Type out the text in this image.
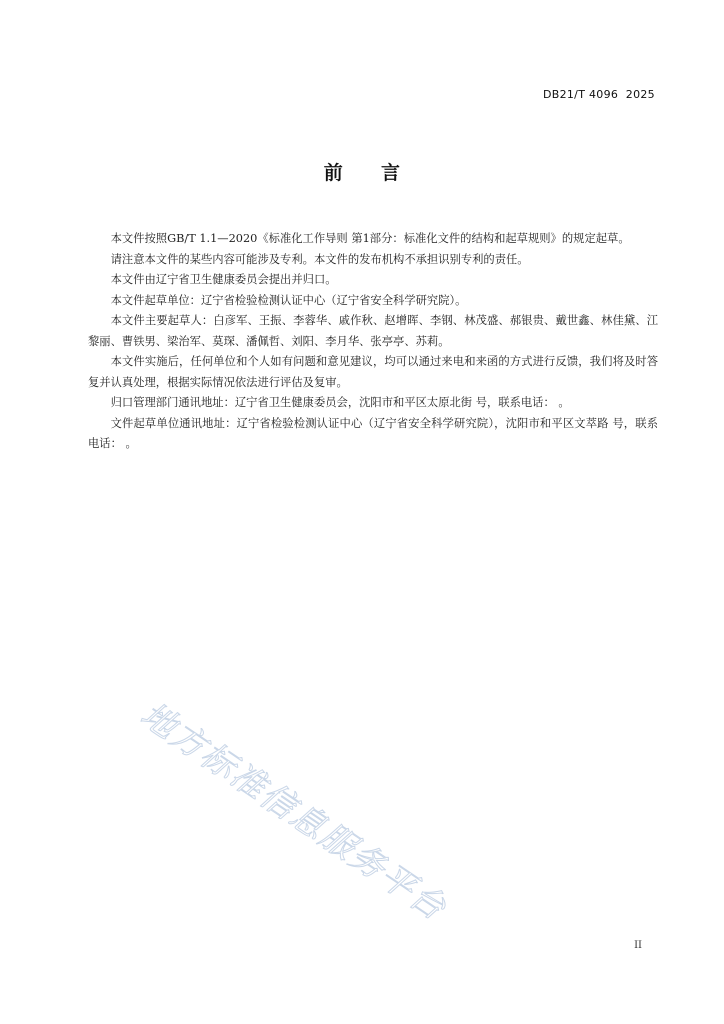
DB21/T 4096  2025
前 言

本文件按照GB/T 1.1—2020《标准化工作导则 第1部分：标准化文件的结构和起草规则》的规定起草。

请注意本文件的某些内容可能涉及专利。本文件的发布机构不承担识别专利的责任。

本文件由辽宁省卫生健康委员会提出并归口。

本文件起草单位：辽宁省检验检测认证中心（辽宁省安全科学研究院）。

本文件主要起草人：白彦军、王振、李蓉华、戚作秋、赵增晖、李钢、林茂盛、郝银贵、戴世鑫、林佳黛、江黎丽、曹铁男、梁治军、莫琛、潘佩哲、刘阳、李月华、张亭亭、苏莉。

本文件实施后，任何单位和个人如有问题和意见建议，均可以通过来电和来函的方式进行反馈，我们将及时答复并认真处理，根据实际情况依法进行评估及复审。

归口管理部门通讯地址：辽宁省卫生健康委员会，沈阳市和平区太原北街 号，联系电话： 。

文件起草单位通讯地址：辽宁省检验检测认证中心（辽宁省安全科学研究院），沈阳市和平区文萃路 号，联系电话： 。

地方标准信息服务平台
II
